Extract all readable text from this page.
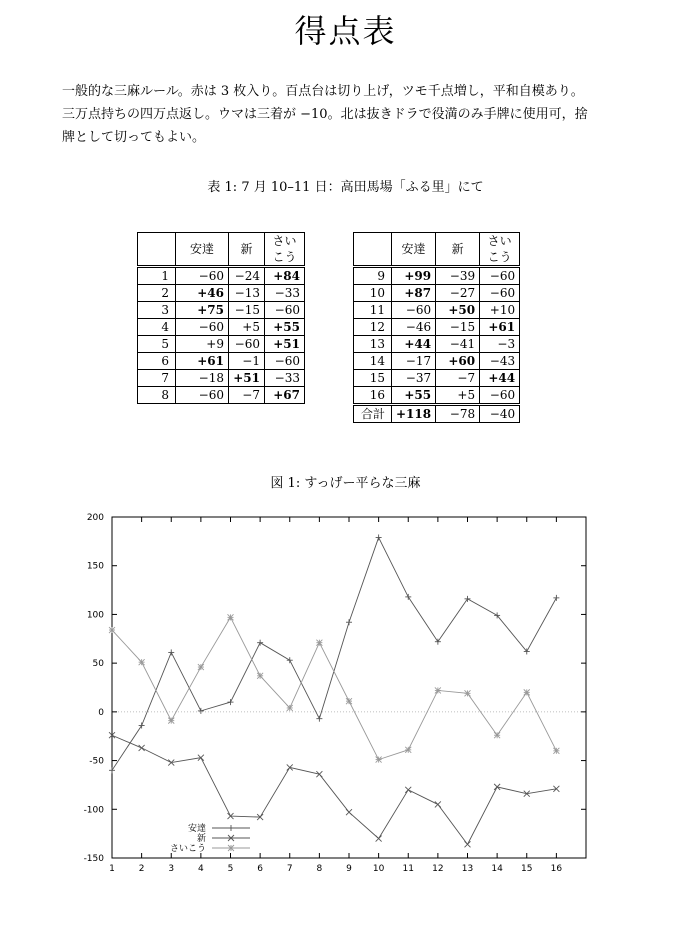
得点表

一般的な三麻ルール。赤は 3 枚入り。百点台は切り上げ，ツモ千点増し，平和自模あり。

三万点持ちの四万点返し。ウマは三着が −10。北は抜きドラで役満のみ手牌に使用可，捨

牌として切ってもよい。

表 1: 7 月 10–11 日：高田馬場「ふる里」にて
	安達	新	さいこう

1	−60	−24	+84
2	+46	−13	−33
3	+75	−15	−60
4	−60	+5	+55
5	+9	−60	+51
6	+61	−1	−60
7	−18	+51	−33
8	−60	−7	+67
	安達	新	さいこう

9	+99	−39	−60
10	+87	−27	−60
11	−60	+50	+10
12	−46	−15	+61
13	+44	−41	−3
14	−17	+60	−43
15	−37	−7	+44
16	+55	+5	−60

合計	+118	−78	−40
図 1: すっげー平らな三麻
200
150
100
50
0
-50
-100
-150
1	2	3	4	5	6	7	8	9 10 11 12 13 14 15 16
安達
新
さいこう
